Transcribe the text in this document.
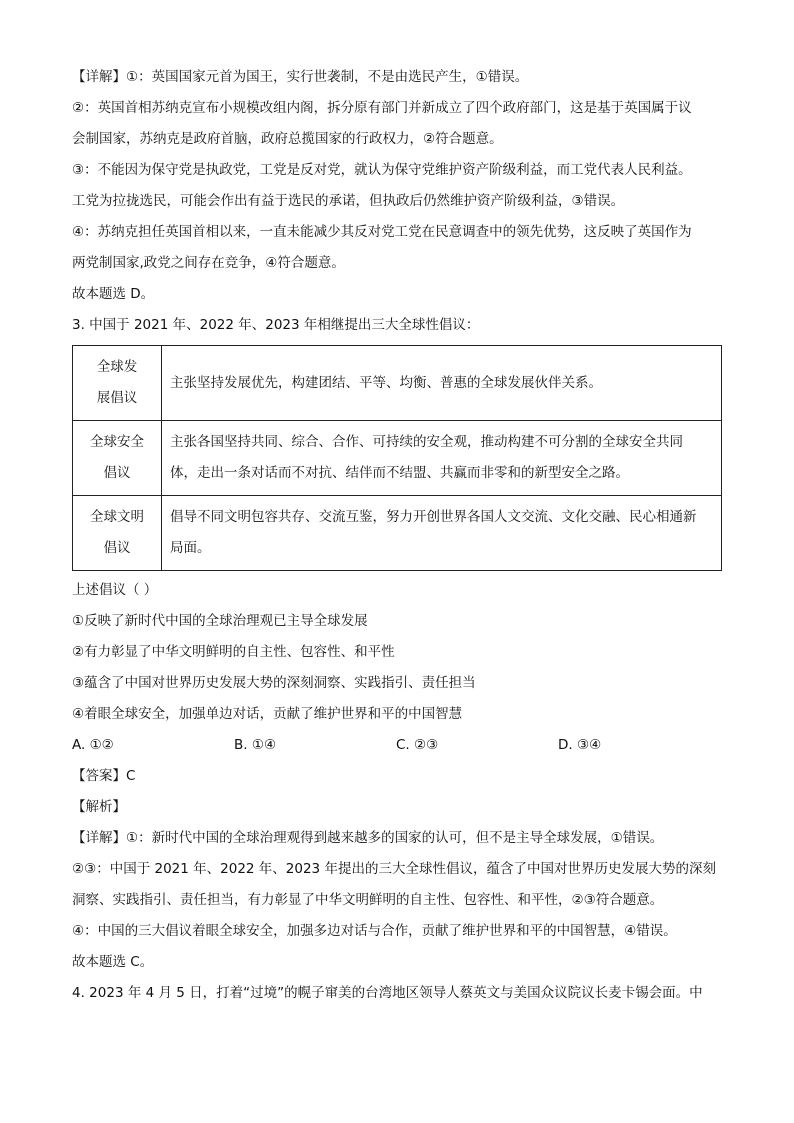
【详解】①：英国国家元首为国王，实行世袭制，不是由选民产生，①错误。
②：英国首相苏纳克宣布小规模改组内阁，拆分原有部门并新成立了四个政府部门，这是基于英国属于议
会制国家，苏纳克是政府首脑，政府总揽国家的行政权力，②符合题意。
③：不能因为保守党是执政党，工党是反对党，就认为保守党维护资产阶级利益，而工党代表人民利益。
工党为拉拢选民，可能会作出有益于选民的承诺，但执政后仍然维护资产阶级利益，③错误。
④：苏纳克担任英国首相以来，一直未能减少其反对党工党在民意调查中的领先优势，这反映了英国作为
两党制国家,政党之间存在竞争，④符合题意。
故本题选 D。
3. 中国于 2021 年、2022 年、2023 年相继提出三大全球性倡议：
全球发
展倡议	主张坚持发展优先，构建团结、平等、均衡、普惠的全球发展伙伴关系。

全球安全
倡议	主张各国坚持共同、综合、合作、可持续的安全观，推动构建不可分割的全球安全共同
体，走出一条对话而不对抗、结伴而不结盟、共赢而非零和的新型安全之路。

全球文明
倡议	倡导不同文明包容共存、交流互鉴，努力开创世界各国人文交流、文化交融、民心相通新
局面。
上述倡议（ ）
①反映了新时代中国的全球治理观已主导全球发展
②有力彰显了中华文明鲜明的自主性、包容性、和平性
③蕴含了中国对世界历史发展大势的深刻洞察、实践指引、责任担当
④着眼全球安全，加强单边对话，贡献了维护世界和平的中国智慧
A. ①②	B. ①④	C. ②③	D. ③④
【答案】C
【解析】
【详解】①：新时代中国的全球治理观得到越来越多的国家的认可，但不是主导全球发展，①错误。
②③：中国于 2021 年、2022 年、2023 年提出的三大全球性倡议，蕴含了中国对世界历史发展大势的深刻
洞察、实践指引、责任担当，有力彰显了中华文明鲜明的自主性、包容性、和平性，②③符合题意。
④：中国的三大倡议着眼全球安全，加强多边对话与合作，贡献了维护世界和平的中国智慧，④错误。
故本题选 C。
4. 2023 年 4 月 5 日，打着“过境”的幌子窜美的台湾地区领导人蔡英文与美国众议院议长麦卡锡会面。中
